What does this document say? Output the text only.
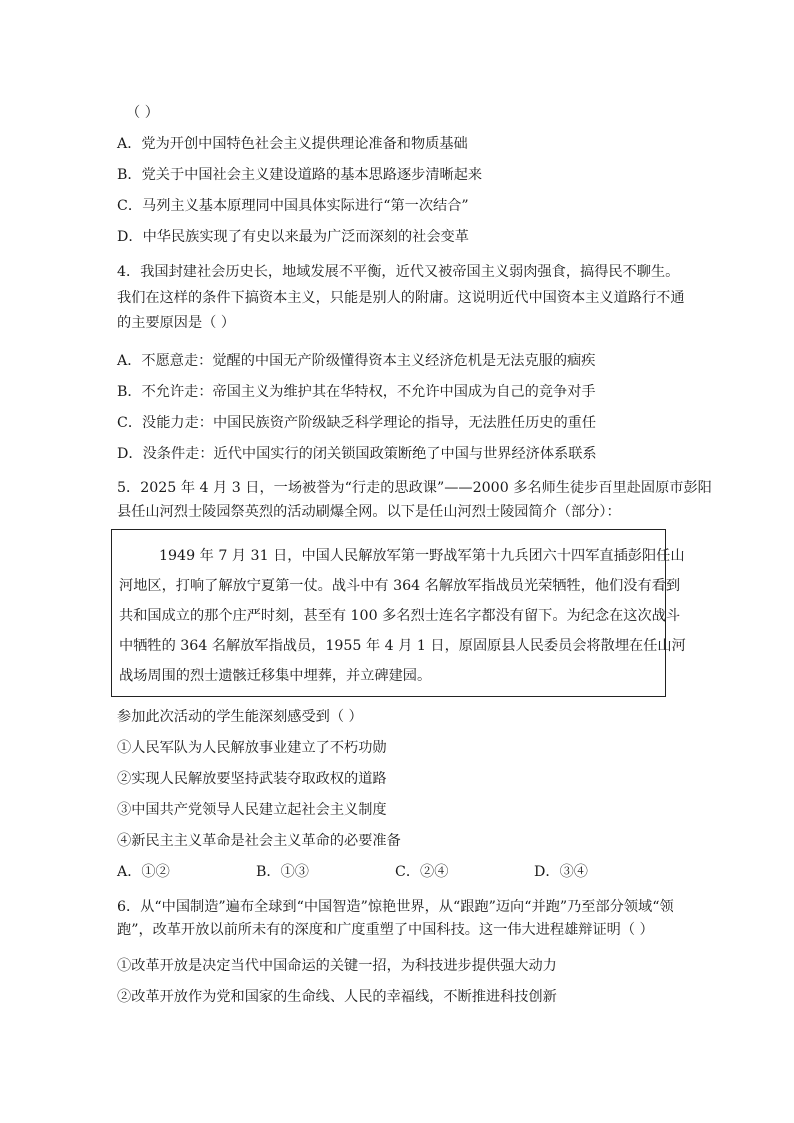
（ ）
A．党为开创中国特色社会主义提供理论准备和物质基础
B．党关于中国社会主义建设道路的基本思路逐步清晰起来
C．马列主义基本原理同中国具体实际进行“第一次结合”
D．中华民族实现了有史以来最为广泛而深刻的社会变革
4．我国封建社会历史长，地域发展不平衡，近代又被帝国主义弱肉强食，搞得民不聊生。
我们在这样的条件下搞资本主义，只能是别人的附庸。这说明近代中国资本主义道路行不通
的主要原因是（ ）
A．不愿意走：觉醒的中国无产阶级懂得资本主义经济危机是无法克服的痼疾
B．不允许走：帝国主义为维护其在华特权，不允许中国成为自己的竞争对手
C．没能力走：中国民族资产阶级缺乏科学理论的指导，无法胜任历史的重任
D．没条件走：近代中国实行的闭关锁国政策断绝了中国与世界经济体系联系
5．2025 年 4 月 3 日，一场被誉为“行走的思政课”——2000 多名师生徒步百里赴固原市彭阳
县任山河烈士陵园祭英烈的活动刷爆全网。以下是任山河烈士陵园简介（部分）：
1949 年 7 月 31 日，中国人民解放军第一野战军第十九兵团六十四军直插彭阳任山
河地区，打响了解放宁夏第一仗。战斗中有 364 名解放军指战员光荣牺牲，他们没有看到
共和国成立的那个庄严时刻，甚至有 100 多名烈士连名字都没有留下。为纪念在这次战斗
中牺牲的 364 名解放军指战员，1955 年 4 月 1 日，原固原县人民委员会将散埋在任山河
战场周围的烈士遗骸迁移集中埋葬，并立碑建园。
参加此次活动的学生能深刻感受到（ ）
①人民军队为人民解放事业建立了不朽功勋
②实现人民解放要坚持武装夺取政权的道路
③中国共产党领导人民建立起社会主义制度
④新民主主义革命是社会主义革命的必要准备
A．①②	B．①③	C．②④	D．③④
6．从“中国制造”遍布全球到“中国智造”惊艳世界，从“跟跑”迈向“并跑”乃至部分领域“领
跑”，改革开放以前所未有的深度和广度重塑了中国科技。这一伟大进程雄辩证明（ ）
①改革开放是决定当代中国命运的关键一招，为科技进步提供强大动力
②改革开放作为党和国家的生命线、人民的幸福线，不断推进科技创新
